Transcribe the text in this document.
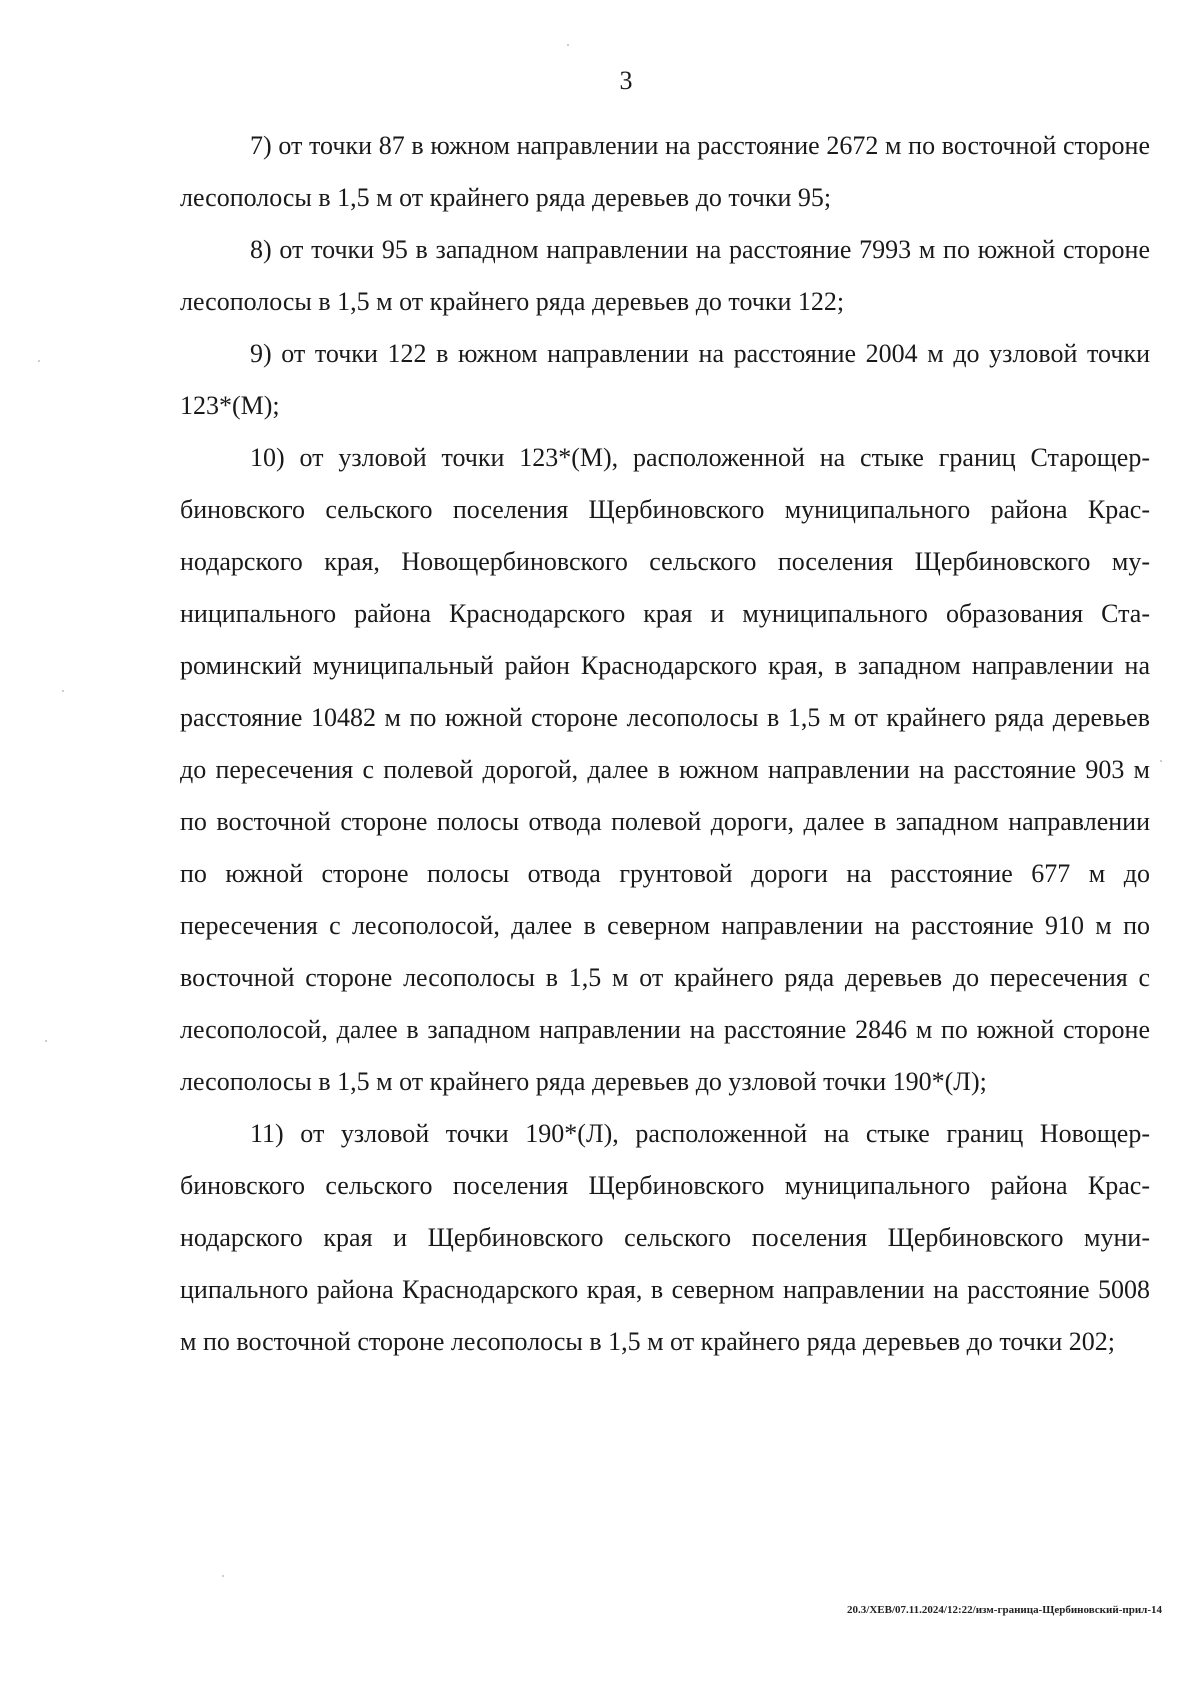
3

7) от точки 87 в южном направлении на расстояние 2672 м по восточной стороне лесополосы в 1,5 м от крайнего ряда деревьев до точки 95;

8) от точки 95 в западном направлении на расстояние 7993 м по южной стороне лесополосы в 1,5 м от крайнего ряда деревьев до точки 122;

9) от точки 122 в южном направлении на расстояние 2004 м до узловой точки 123*(М);

10) от узловой точки 123*(М), расположенной на стыке границ Старощербиновского сельского поселения Щербиновского муниципального района Краснодарского края, Новощербиновского сельского поселения Щербиновского муниципального района Краснодарского края и муниципального образования Староминский муниципальный район Краснодарского края, в западном направлении на расстояние 10482 м по южной стороне лесополосы в 1,5 м от крайнего ряда деревьев до пересечения с полевой дорогой, далее в южном направлении на расстояние 903 м по восточной стороне полосы отвода полевой дороги, далее в западном направлении по южной стороне полосы отвода грунтовой дороги на расстояние 677 м до пересечения с лесополосой, далее в северном направлении на расстояние 910 м по восточной стороне лесополосы в 1,5 м от крайнего ряда деревьев до пересечения с лесополосой, далее в западном направлении на расстояние 2846 м по южной стороне лесополосы в 1,5 м от крайнего ряда деревьев до узловой точки 190*(Л);

11) от узловой точки 190*(Л), расположенной на стыке границ Новощербиновского сельского поселения Щербиновского муниципального района Краснодарского края и Щербиновского сельского поселения Щербиновского муниципального района Краснодарского края, в северном направлении на расстояние 5008 м по восточной стороне лесополосы в 1,5 м от крайнего ряда деревьев до точки 202;

20.3/ХЕВ/07.11.2024/12:22/изм-граница-Щербиновский-прил-14
